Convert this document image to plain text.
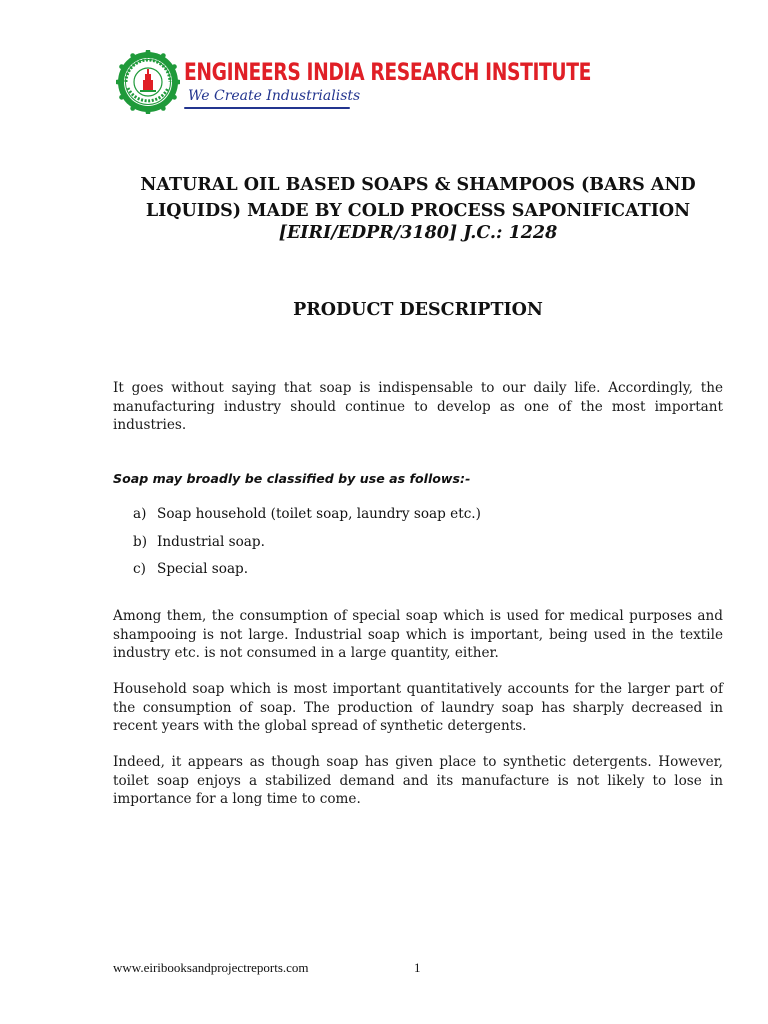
ENGINEERS INDIA RESEARCH INSTITUTE
We Create Industrialists
NATURAL OIL BASED SOAPS & SHAMPOOS (BARS AND
LIQUIDS) MADE BY COLD PROCESS SAPONIFICATION
[EIRI/EDPR/3180] J.C.: 1228
PRODUCT DESCRIPTION

It goes without saying that soap is indispensable to our daily life. Accordingly, the manufacturing industry should continue to develop as one of the most important industries.

Soap may broadly be classified by use as follows:-
a) Soap household (toilet soap, laundry soap etc.)
b) Industrial soap.
c) Special soap.

Among them, the consumption of special soap which is used for medical purposes and shampooing is not large. Industrial soap which is important, being used in the textile industry etc. is not consumed in a large quantity, either.

Household soap which is most important quantitatively accounts for the larger part of the consumption of soap. The production of laundry soap has sharply decreased in recent years with the global spread of synthetic detergents.

Indeed, it appears as though soap has given place to synthetic detergents. However, toilet soap enjoys a stabilized demand and its manufacture is not likely to lose in importance for a long time to come.

www.eiribooksandprojectreports.com	1
